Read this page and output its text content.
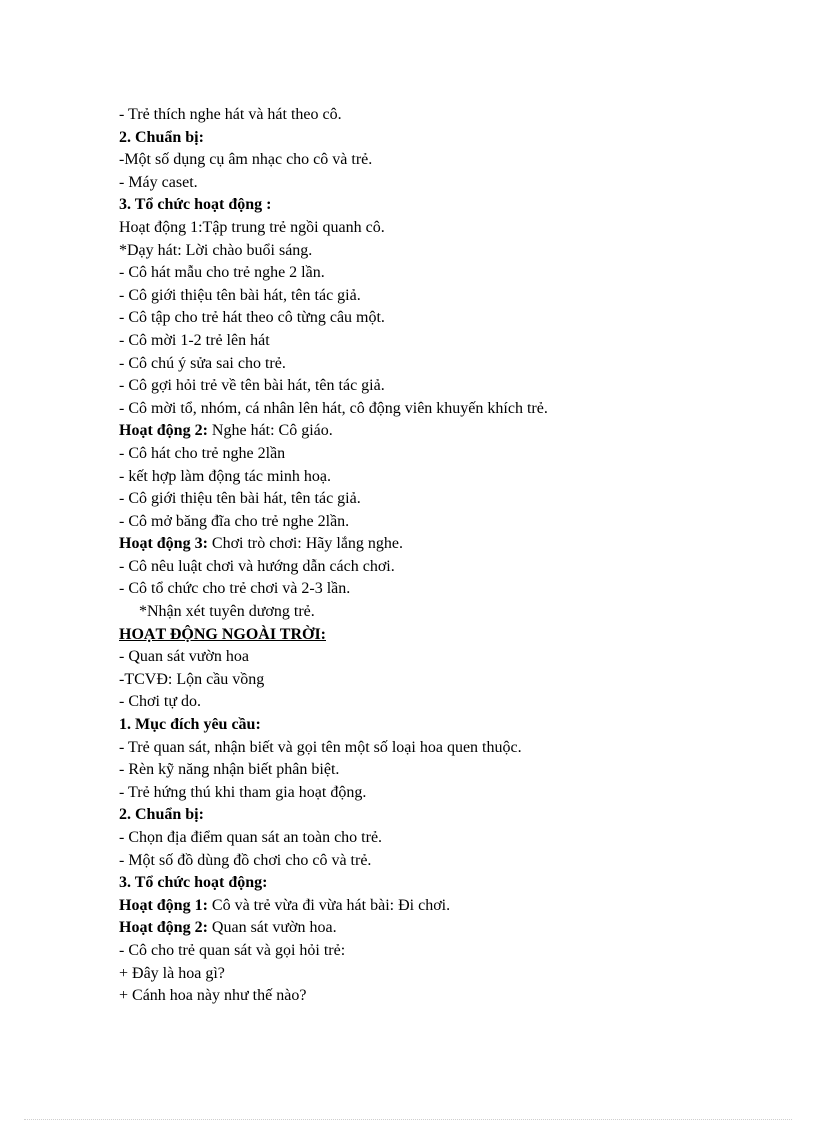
- Trẻ thích nghe hát và hát theo cô.
2. Chuẩn bị:
-Một số dụng cụ âm nhạc cho cô và trẻ.
- Máy caset.
3. Tổ chức hoạt động :
Hoạt động 1:Tập trung trẻ ngồi quanh cô.
*Dạy hát: Lời chào buổi sáng.
- Cô hát mẫu cho trẻ nghe 2 lần.
- Cô giới thiệu tên bài hát, tên tác giả.
- Cô tập cho trẻ hát theo cô từng câu một.
- Cô mời 1-2 trẻ lên hát
- Cô chú ý sửa sai cho trẻ.
- Cô gợi hỏi trẻ về tên bài hát, tên tác giả.
- Cô mời tổ, nhóm, cá nhân lên hát, cô động viên khuyến khích trẻ.
Hoạt động 2: Nghe hát: Cô giáo.
- Cô hát cho trẻ nghe 2lần
- kết hợp làm động tác minh hoạ.
- Cô giới thiệu tên bài hát, tên tác giả.
- Cô mở băng đĩa cho trẻ nghe 2lần.
Hoạt động 3: Chơi trò chơi: Hãy lắng nghe.
- Cô nêu luật chơi và hướng dẫn cách chơi.
- Cô tổ chức cho trẻ chơi và 2-3 lần.
*Nhận xét tuyên dương trẻ.
HOẠT ĐỘNG NGOÀI TRỜI:
- Quan sát vườn hoa
-TCVĐ: Lộn cầu vồng
- Chơi tự do.
1. Mục đích yêu cầu:
- Trẻ quan sát, nhận biết và gọi tên một số loại hoa quen thuộc.
- Rèn kỹ năng nhận biết phân biệt.
- Trẻ hứng thú khi tham gia hoạt động.
2. Chuẩn bị:
- Chọn địa điểm quan sát an toàn cho trẻ.
- Một số đồ dùng đồ chơi cho cô và trẻ.
3. Tổ chức hoạt động:
Hoạt động 1: Cô và trẻ vừa đi vừa hát bài: Đi chơi.
Hoạt động 2: Quan sát vườn hoa.
- Cô cho trẻ quan sát và gọi hỏi trẻ:
+ Đây là hoa gì?
+ Cánh hoa này như thế nào?
